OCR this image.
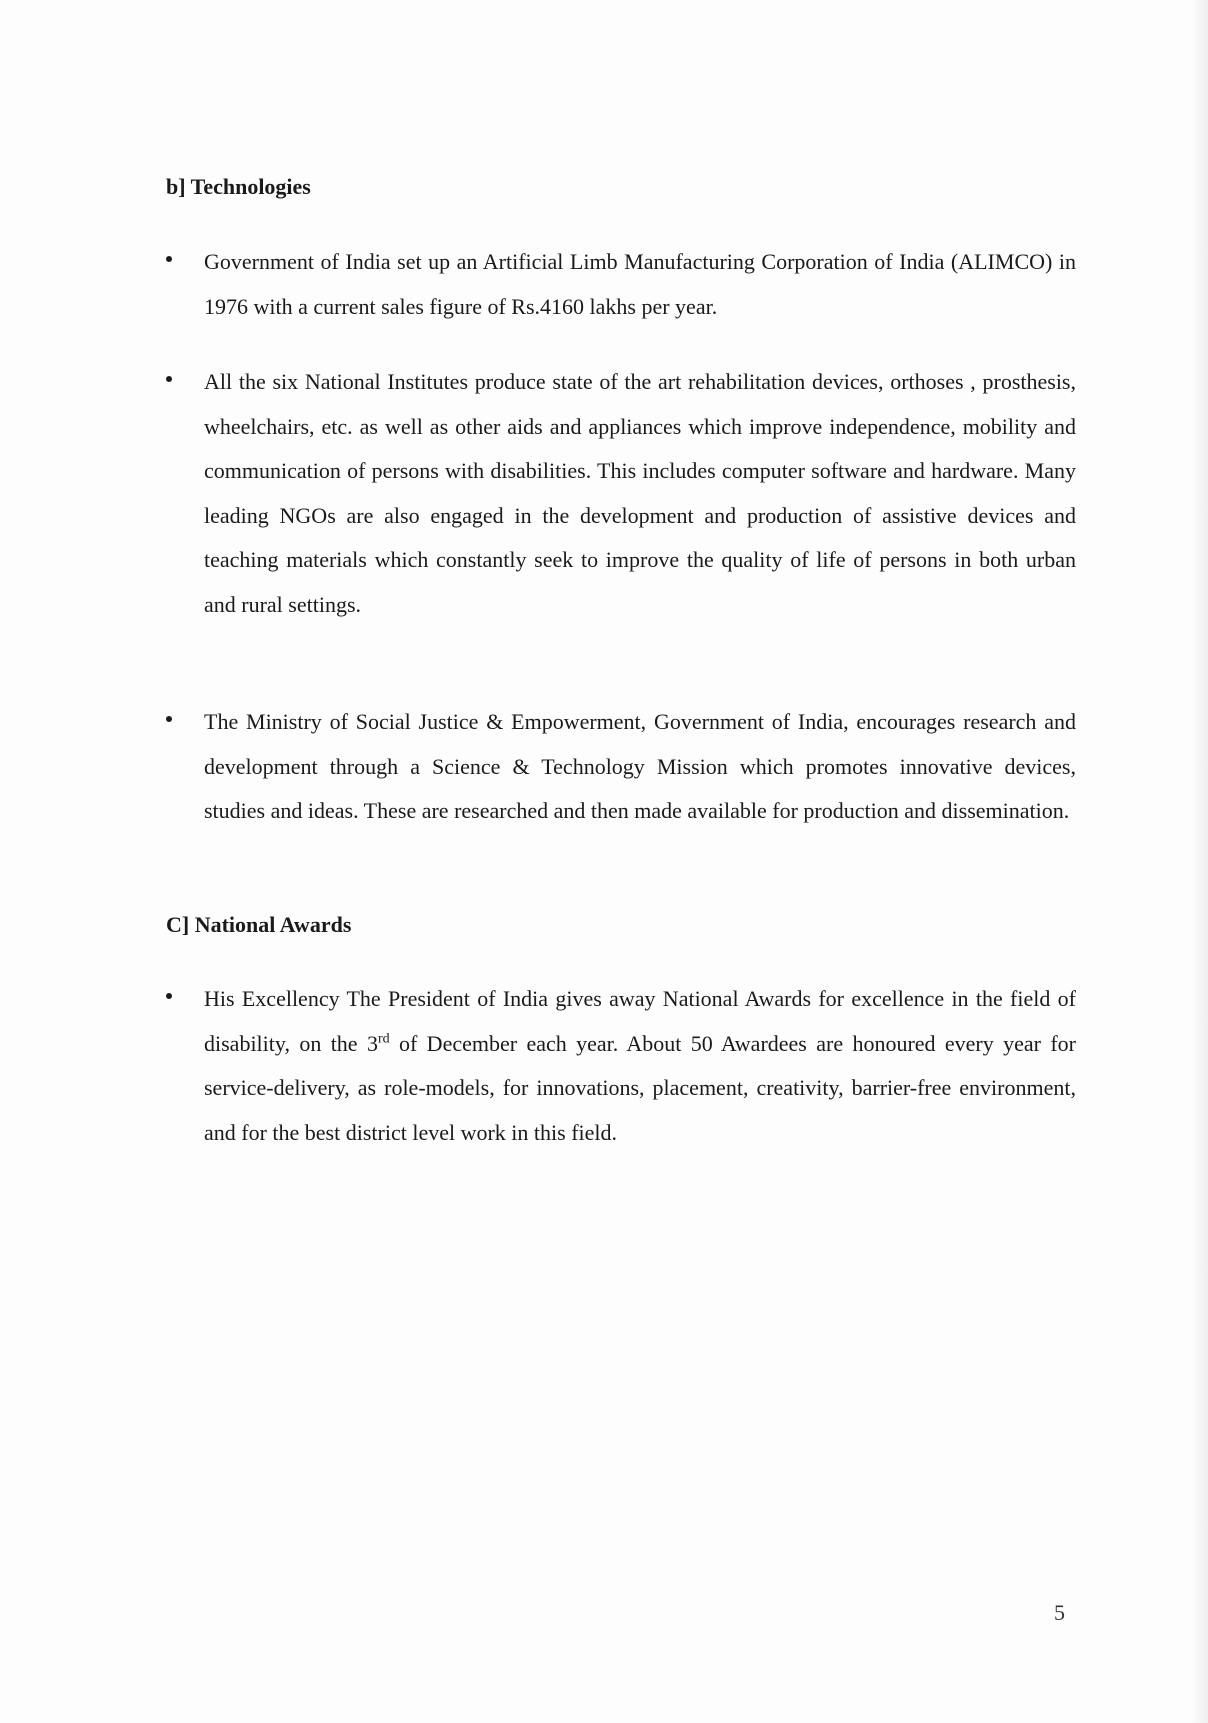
b] Technologies

Government of India set up an Artificial Limb Manufacturing Corporation of India (ALIMCO) in 1976 with a current sales figure of Rs.4160 lakhs per year.

All the six National Institutes produce state of the art rehabilitation devices, orthoses , prosthesis, wheelchairs, etc. as well as other aids and appliances which improve independence, mobility and communication of persons with disabilities. This includes computer software and hardware. Many leading NGOs are also engaged in the development and production of assistive devices and teaching materials which constantly seek to improve the quality of life of persons in both urban and rural settings.

The Ministry of Social Justice & Empowerment, Government of India, encourages research and development through a Science & Technology Mission which promotes innovative devices, studies and ideas. These are researched and then made available for production and dissemination.

C] National Awards

His Excellency The President of India gives away National Awards for excellence in the field of disability, on the 3rd of December each year. About 50 Awardees are honoured every year for service-delivery, as role-models, for innovations, placement, creativity, barrier-free environment, and for the best district level work in this field.

5
